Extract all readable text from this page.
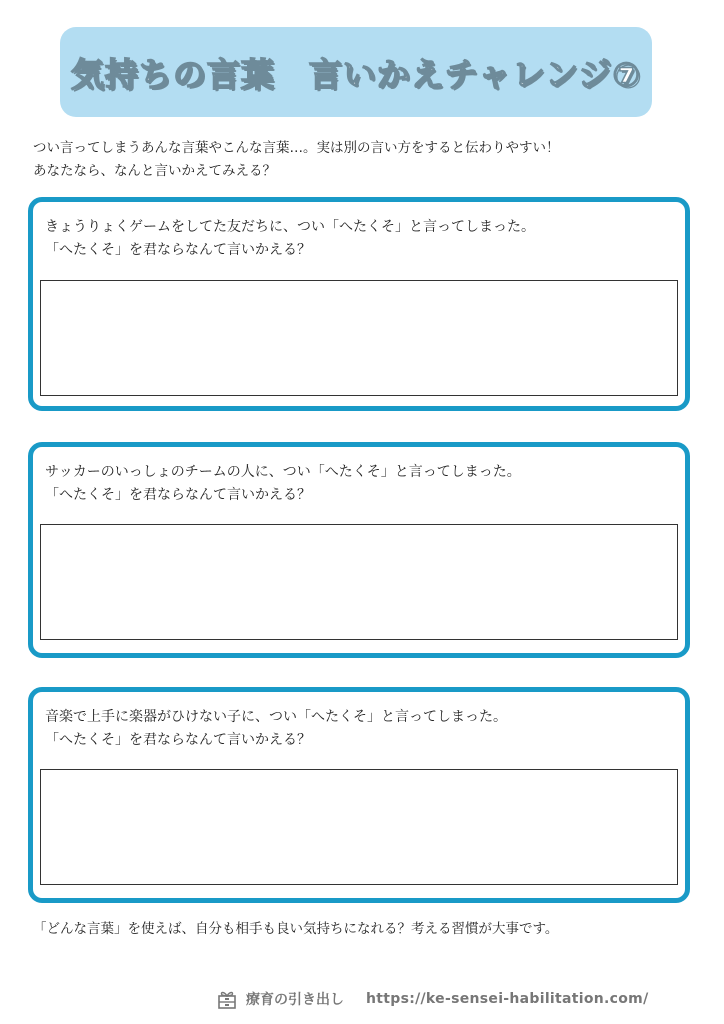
気持ちの言葉　言いかえチャレンジ⑦

つい言ってしまうあんな言葉やこんな言葉…。実は別の言い方をすると伝わりやすい！

あなたなら、なんと言いかえてみえる？

きょうりょくゲームをしてた友だちに、つい「へたくそ」と言ってしまった。

「へたくそ」を君ならなんて言いかえる？

サッカーのいっしょのチームの人に、つい「へたくそ」と言ってしまった。

「へたくそ」を君ならなんて言いかえる？

音楽で上手に楽器がひけない子に、つい「へたくそ」と言ってしまった。

「へたくそ」を君ならなんて言いかえる？

「どんな言葉」を使えば、自分も相手も良い気持ちになれる？考える習慣が大事です。
療育の引き出し https://ke-sensei-habilitation.com/
